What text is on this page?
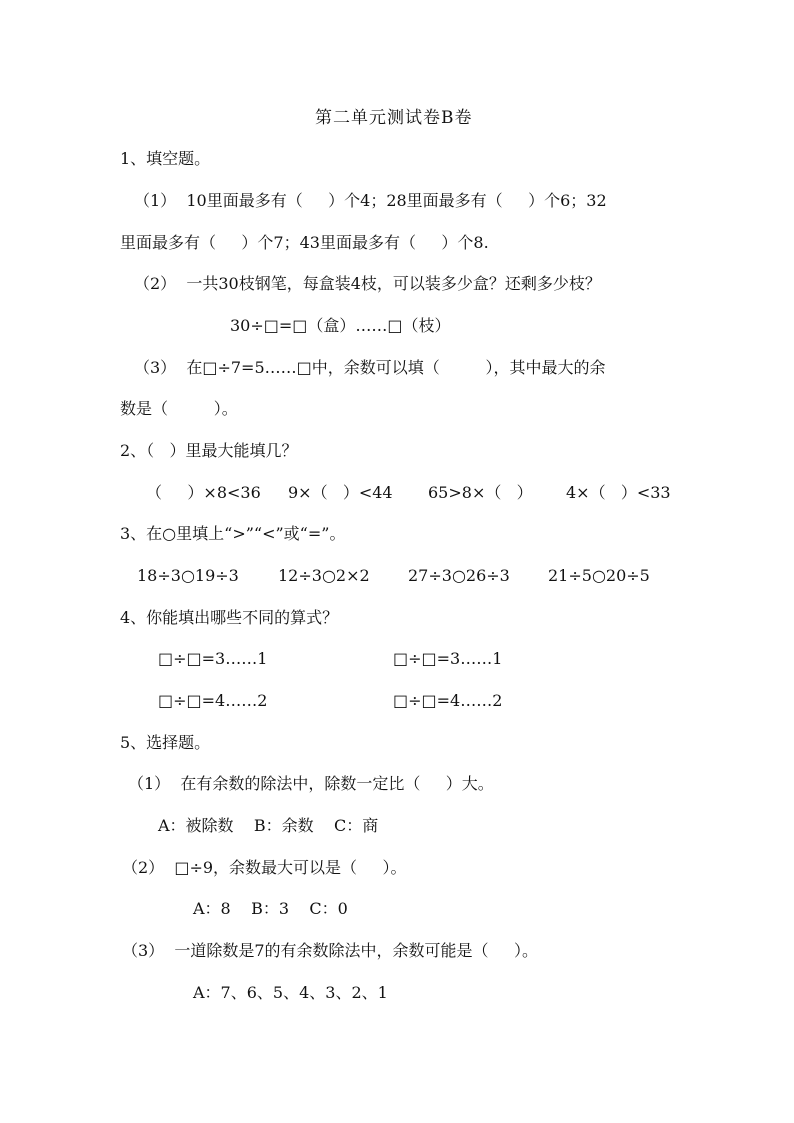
第二单元测试卷B卷

1、填空题。

（1）  10里面最多有（     ）个4；28里面最多有（     ）个6；32

里面最多有（     ）个7；43里面最多有（     ）个8.

（2）  一共30枝钢笔，每盒装4枝，可以装多少盒？还剩多少枝？

30÷□=□（盒）……□（枝）

（3）  在□÷7=5……□中，余数可以填（         ），其中最大的余

数是（         ）。

2、（   ）里最大能填几？

（     ）×8<36 9×（   ）<44 65>8×（   ） 4×（   ）<33

3、在○里填上“>”“<”或“=”。

18÷3○19÷3 12÷3○2×2 27÷3○26÷3 21÷5○20÷5

4、你能填出哪些不同的算式？

□÷□=3……1	□÷□=3……1

□÷□=4……2	□÷□=4……2

5、选择题。

（1）  在有余数的除法中，除数一定比（     ）大。

A：被除数    B：余数    C：商

（2）  □÷9，余数最大可以是（     ）。

A：8    B：3    C：0

（3）  一道除数是7的有余数除法中，余数可能是（     ）。

A：7、6、5、4、3、2、1
